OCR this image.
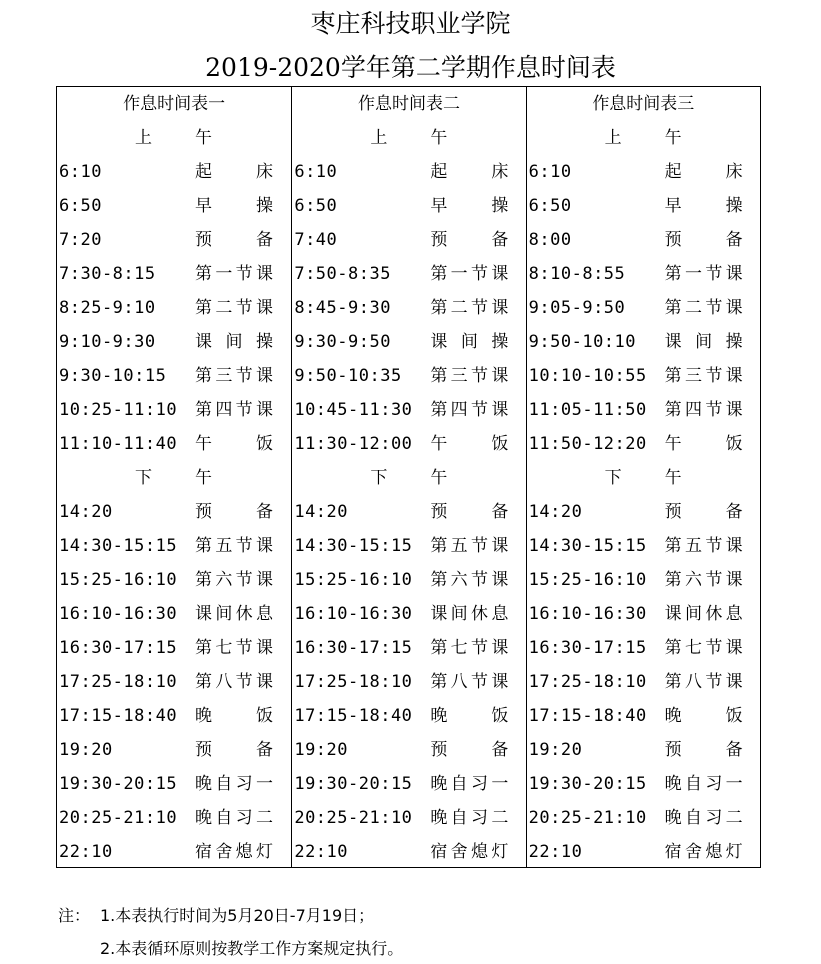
枣庄科技职业学院
2019-2020学年第二学期作息时间表
作息时间表一
上	午
6:10	起床
6:50	早操
7:20	预备
7:30-8:15	第一节课
8:25-9:10	第二节课
9:10-9:30	课间操
9:30-10:15	第三节课
10:25-11:10	第四节课
11:10-11:40	午饭
下	午
14:20	预备
14:30-15:15	第五节课
15:25-16:10	第六节课
16:10-16:30	课间休息
16:30-17:15	第七节课
17:25-18:10	第八节课
17:15-18:40	晚饭
19:20	预备
19:30-20:15	晚自习一
20:25-21:10	晚自习二
22:10	宿舍熄灯
作息时间表二
上	午
6:10	起床
6:50	早操
7:40	预备
7:50-8:35	第一节课
8:45-9:30	第二节课
9:30-9:50	课间操
9:50-10:35	第三节课
10:45-11:30	第四节课
11:30-12:00	午饭
下	午
14:20	预备
14:30-15:15	第五节课
15:25-16:10	第六节课
16:10-16:30	课间休息
16:30-17:15	第七节课
17:25-18:10	第八节课
17:15-18:40	晚饭
19:20	预备
19:30-20:15	晚自习一
20:25-21:10	晚自习二
22:10	宿舍熄灯
作息时间表三
上	午
6:10	起床
6:50	早操
8:00	预备
8:10-8:55	第一节课
9:05-9:50	第二节课
9:50-10:10	课间操
10:10-10:55	第三节课
11:05-11:50	第四节课
11:50-12:20	午饭
下	午
14:20	预备
14:30-15:15	第五节课
15:25-16:10	第六节课
16:10-16:30	课间休息
16:30-17:15	第七节课
17:25-18:10	第八节课
17:15-18:40	晚饭
19:20	预备
19:30-20:15	晚自习一
20:25-21:10	晚自习二
22:10	宿舍熄灯
注： 1.本表执行时间为5月20日-7月19日；
2.本表循环原则按教学工作方案规定执行。
